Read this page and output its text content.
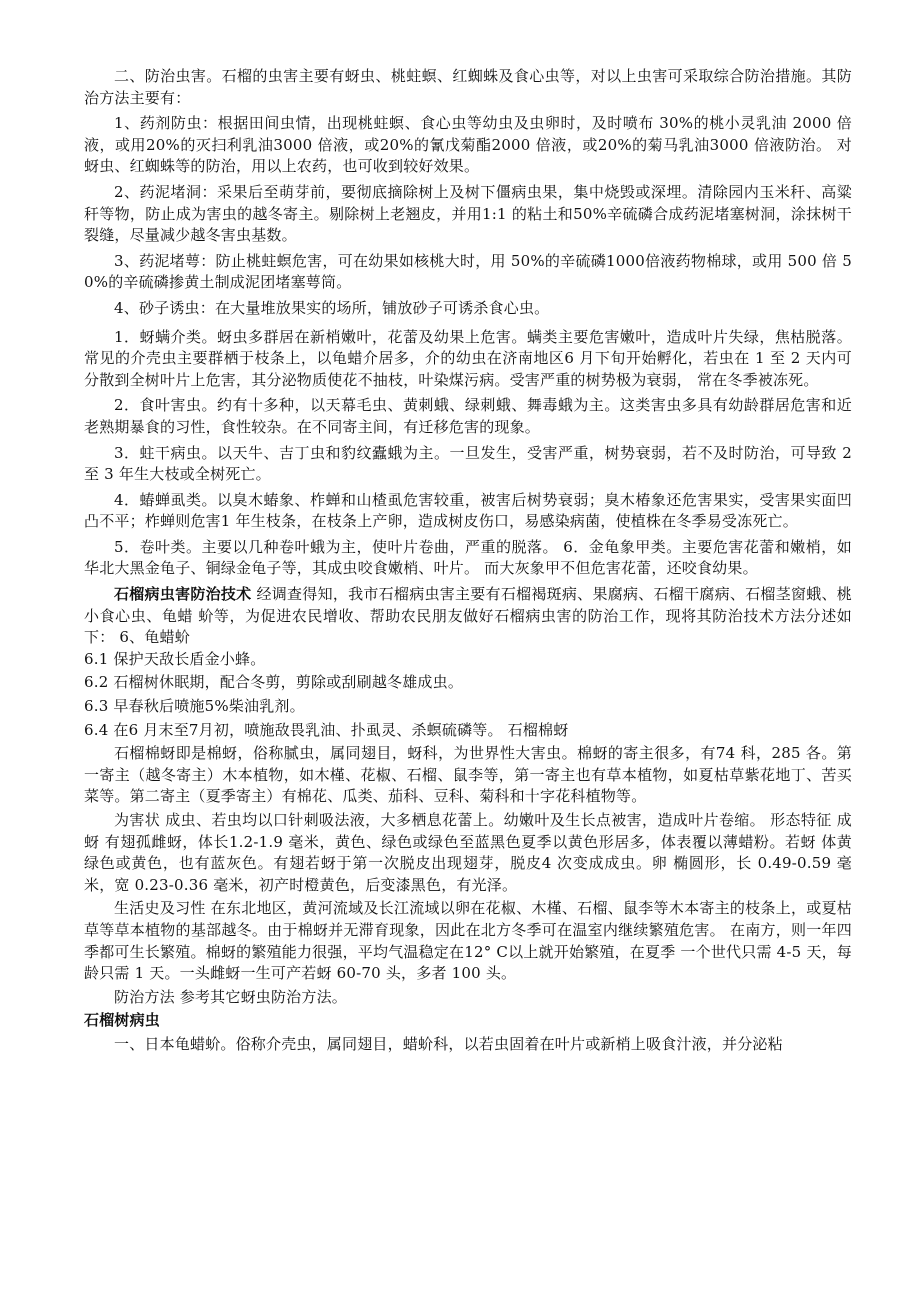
二、防治虫害。石榴的虫害主要有蚜虫、桃蛀螟、红蜘蛛及食心虫等，对以上虫害可采取综合防治措施。其防治方法主要有：

1、药剂防虫：根据田间虫情，出现桃蛀螟、食心虫等幼虫及虫卵时，及时喷布 30%的桃小灵乳油 2000 倍液，或用20%的灭扫利乳油3000 倍液，或20%的氰戊菊酯2000 倍液，或20%的菊马乳油3000 倍液防治。 对蚜虫、红蜘蛛等的防治，用以上农药，也可收到较好效果。

2、药泥堵洞：采果后至萌芽前，要彻底摘除树上及树下僵病虫果，集中烧毁或深埋。清除园内玉米秆、高粱秆等物，防止成为害虫的越冬寄主。剔除树上老翘皮，并用1:1 的粘土和50%辛硫磷合成药泥堵塞树洞，涂抹树干裂缝，尽量减少越冬害虫基数。

3、药泥堵萼：防止桃蛀螟危害，可在幼果如核桃大时，用 50%的辛硫磷1000倍液药物棉球，或用 500 倍 50%的辛硫磷掺黄土制成泥团堵塞萼筒。

4、砂子诱虫：在大量堆放果实的场所，铺放砂子可诱杀食心虫。

1．蚜螨介类。蚜虫多群居在新梢嫩叶，花蕾及幼果上危害。螨类主要危害嫩叶，造成叶片失绿，焦枯脱落。常见的介壳虫主要群栖于枝条上，以龟蜡介居多，介的幼虫在济南地区6 月下旬开始孵化，若虫在 1 至 2 天内可分散到全树叶片上危害，其分泌物质使花不抽枝，叶染煤污病。受害严重的树势极为衰弱， 常在冬季被冻死。

2．食叶害虫。约有十多种，以天幕毛虫、黄刺蛾、绿刺蛾、舞毒蛾为主。这类害虫多具有幼龄群居危害和近老熟期暴食的习性，食性较杂。在不同寄主间，有迁移危害的现象。

3．蛀干病虫。以天牛、吉丁虫和豹纹蠹蛾为主。一旦发生，受害严重，树势衰弱，若不及时防治，可导致 2 至 3 年生大枝或全树死亡。

4．蝽蝉虱类。以臭木蝽象、柞蝉和山楂虱危害较重，被害后树势衰弱；臭木椿象还危害果实，受害果实面凹凸不平；柞蝉则危害1 年生枝条，在枝条上产卵，造成树皮伤口，易感染病菌，使植株在冬季易受冻死亡。

5．卷叶类。主要以几种卷叶蛾为主，使叶片卷曲，严重的脱落。 6．金龟象甲类。主要危害花蕾和嫩梢，如华北大黑金龟子、铜绿金龟子等，其成虫咬食嫩梢、叶片。 而大灰象甲不但危害花蕾，还咬食幼果。

石榴病虫害防治技术 经调查得知，我市石榴病虫害主要有石榴褐斑病、果腐病、石榴干腐病、石榴茎窗蛾、桃小食心虫、龟蜡 蚧等，为促进农民增收、帮助农民朋友做好石榴病虫害的防治工作，现将其防治技术方法分述如下： 6、龟蜡蚧

6.1 保护天敌长盾金小蜂。

6.2 石榴树休眠期，配合冬剪，剪除或刮刷越冬雄成虫。

6.3 早春秋后喷施5%柴油乳剂。

6.4 在6 月末至7月初，喷施敌畏乳油、扑虱灵、杀螟硫磷等。 石榴棉蚜

石榴棉蚜即是棉蚜，俗称腻虫，属同翅目，蚜科，为世界性大害虫。棉蚜的寄主很多，有74 科，285 各。第一寄主（越冬寄主）木本植物，如木槿、花椒、石榴、鼠李等，第一寄主也有草本植物，如夏枯草紫花地丁、苦买菜等。第二寄主（夏季寄主）有棉花、瓜类、茄科、豆科、菊科和十字花科植物等。

为害状 成虫、若虫均以口针刺吸法液，大多栖息花蕾上。幼嫩叶及生长点被害，造成叶片卷缩。 形态特征 成蚜 有翅孤雌蚜，体长1.2-1.9 毫米，黄色、绿色或绿色至蓝黑色夏季以黄色形居多，体表覆以薄蜡粉。若蚜 体黄绿色或黄色，也有蓝灰色。有翅若蚜于第一次脱皮出现翅芽，脱皮4 次变成成虫。卵 椭圆形，长 0.49-0.59 毫米，宽 0.23-0.36 毫米，初产时橙黄色，后变漆黑色，有光泽。

生活史及习性 在东北地区，黄河流域及长江流域以卵在花椒、木槿、石榴、鼠李等木本寄主的枝条上，或夏枯草等草本植物的基部越冬。由于棉蚜并无滞育现象，因此在北方冬季可在温室内继续繁殖危害。 在南方，则一年四季都可生长繁殖。棉蚜的繁殖能力很强，平均气温稳定在12° C以上就开始繁殖，在夏季 一个世代只需 4-5 天，每龄只需 1 天。一头雌蚜一生可产若蚜 60-70 头，多者 100 头。

防治方法 参考其它蚜虫防治方法。

石榴树病虫

一、日本龟蜡蚧。俗称介壳虫，属同翅目，蜡蚧科，以若虫固着在叶片或新梢上吸食汁液，并分泌粘
